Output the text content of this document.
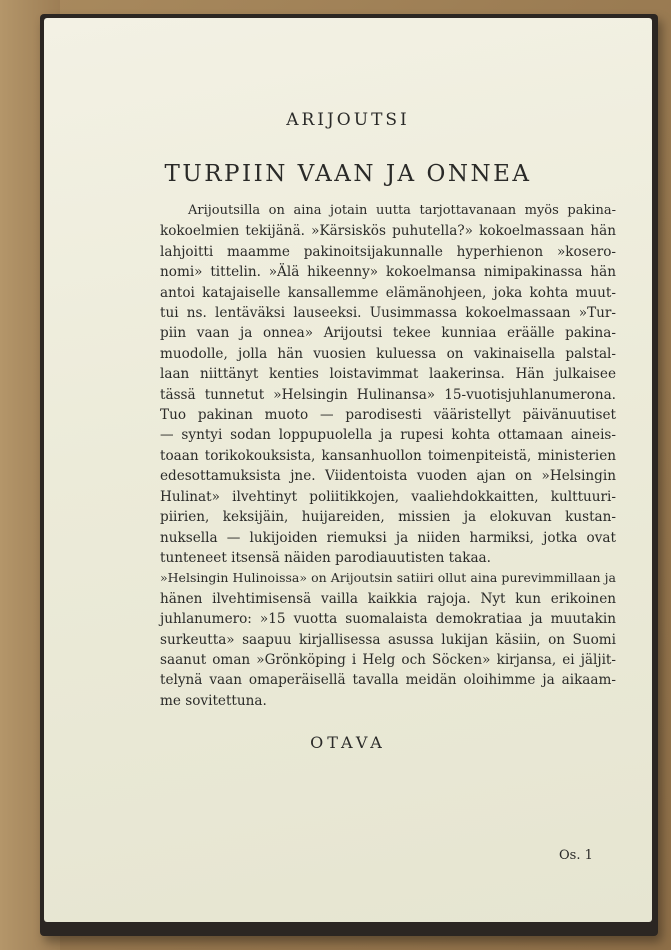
ARIJOUTSI
TURPIIN VAAN JA ONNEA
Arijoutsilla on aina jotain uutta tarjottavanaan myös pakina-
kokoelmien tekijänä. »Kärsiskös puhutella?» kokoelmassaan hän
lahjoitti maamme pakinoitsijakunnalle hyperhienon »kosero-
nomi» tittelin. »Älä hikeenny» kokoelmansa nimipakinassa hän
antoi katajaiselle kansallemme elämänohjeen, joka kohta muut-
tui ns. lentäväksi lauseeksi. Uusimmassa kokoelmassaan »Tur-
piin vaan ja onnea» Arijoutsi tekee kunniaa eräälle pakina-
muodolle, jolla hän vuosien kuluessa on vakinaisella palstal-
laan niittänyt kenties loistavimmat laakerinsa. Hän julkaisee
tässä tunnetut »Helsingin Hulinansa» 15-vuotisjuhlanumerona.
Tuo pakinan muoto — parodisesti vääristellyt päivänuutiset
— syntyi sodan loppupuolella ja rupesi kohta ottamaan aineis-
toaan torikokouksista, kansanhuollon toimenpiteistä, ministerien
edesottamuksista jne. Viidentoista vuoden ajan on »Helsingin
Hulinat» ilvehtinyt poliitikkojen, vaaliehdokkaitten, kulttuuri-
piirien, keksijäin, huijareiden, missien ja elokuvan kustan-
nuksella — lukijoiden riemuksi ja niiden harmiksi, jotka ovat
tunteneet itsensä näiden parodiauutisten takaa.
»Helsingin Hulinoissa» on Arijoutsin satiiri ollut aina purevimmillaan ja
hänen ilvehtimisensä vailla kaikkia rajoja. Nyt kun erikoinen
juhlanumero: »15 vuotta suomalaista demokratiaa ja muutakin
surkeutta» saapuu kirjallisessa asussa lukijan käsiin, on Suomi
saanut oman »Grönköping i Helg och Söcken» kirjansa, ei jäljit-
telynä vaan omaperäisellä tavalla meidän oloihimme ja aikaam-
me sovitettuna.
OTAVA
Os. 1
